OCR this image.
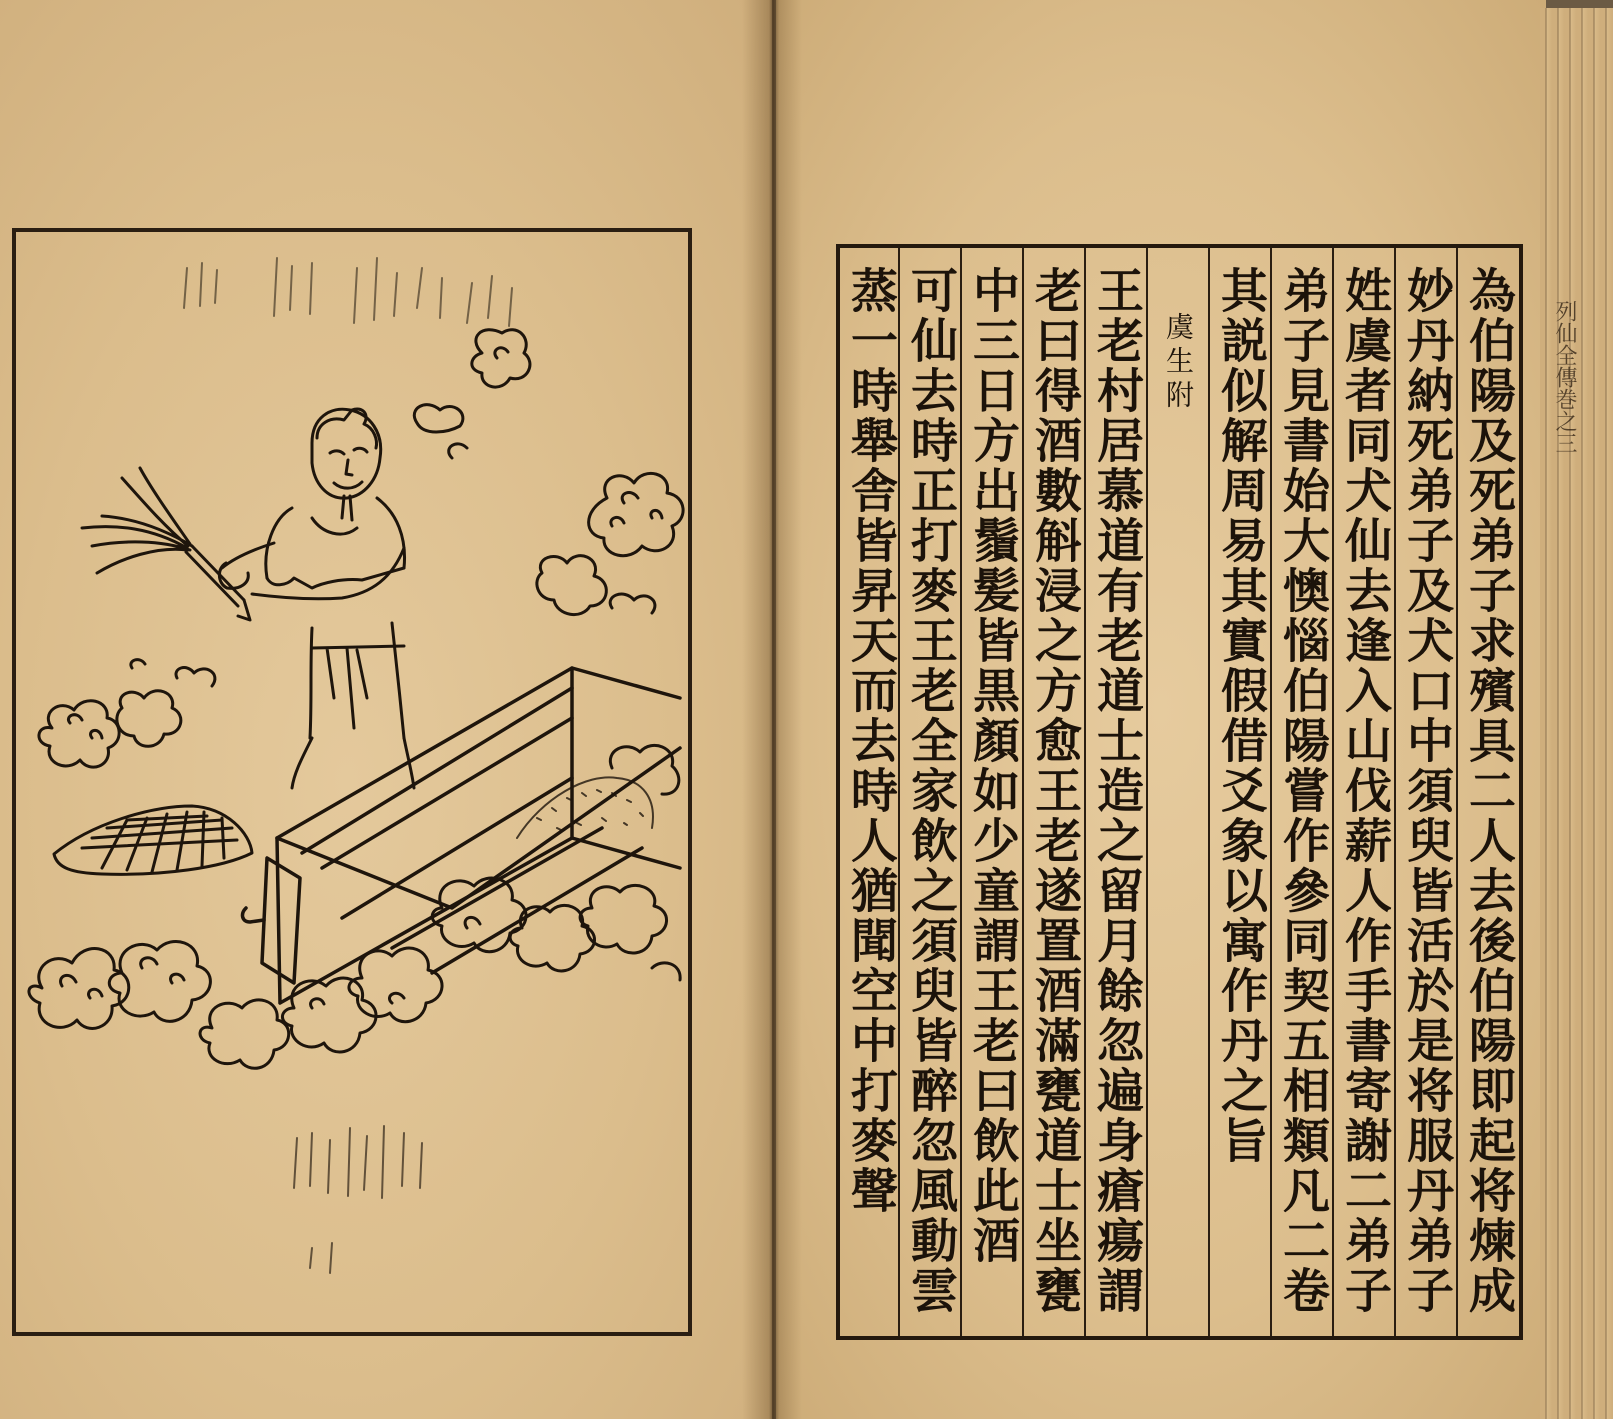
列仙全傳巻之三
為伯陽及死弟子求殯具二人去後伯陽即起将煉成
妙丹納死弟子及犬口中須臾皆活於是将服丹弟子
姓虞者同犬仙去逢入山伐薪人作手書寄謝二弟子
弟子見書始大懊惱伯陽嘗作參同契五相類凡二卷
其説似解周易其實假借爻象以寓作丹之旨
虞生附
王老村居慕道有老道士造之留月餘忽遍身瘡瘍謂
老曰得酒數斛浸之方愈王老遂置酒滿甕道士坐甕
中三日方出鬚髪皆黒顏如少童謂王老曰飲此酒
可仙去時正打麥王老全家飲之須臾皆醉忽風動雲
蒸一時舉舎皆昇天而去時人猶聞空中打麥聲
